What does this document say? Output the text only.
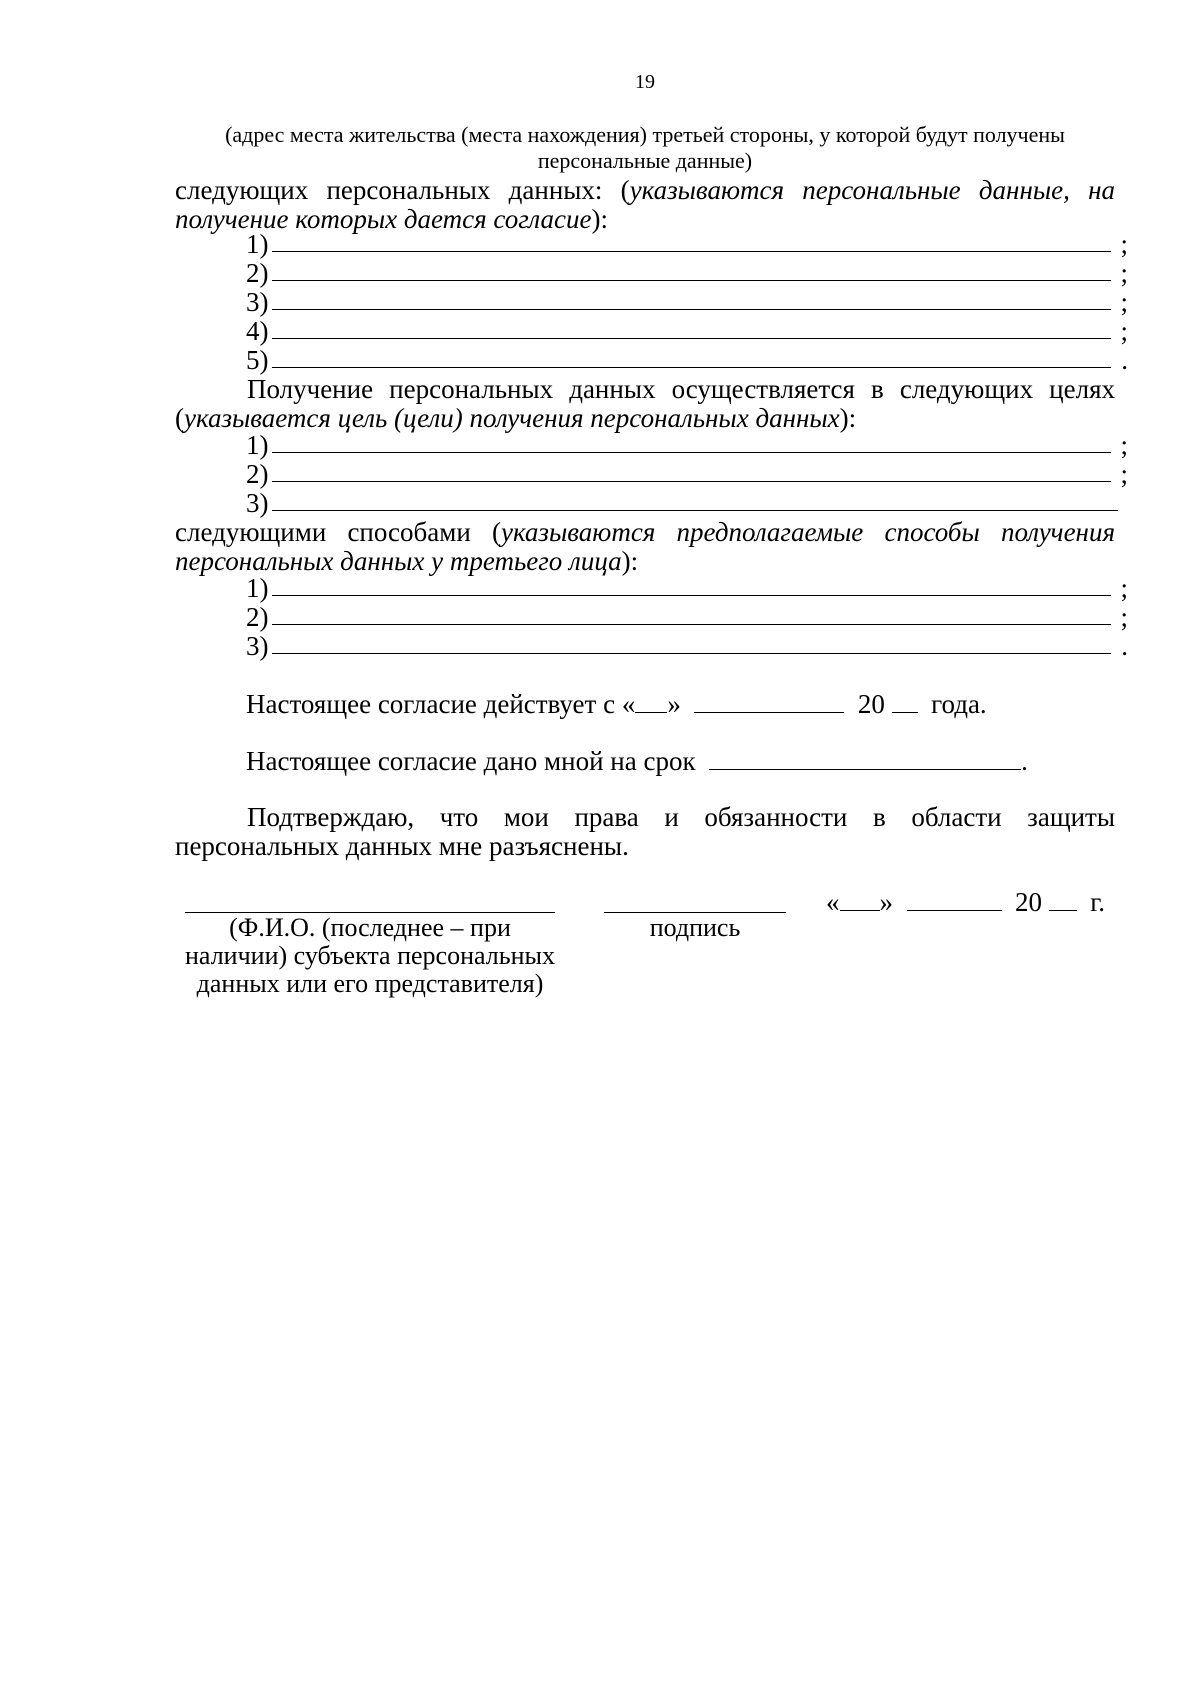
19
(адрес места жительства (места нахождения) третьей стороны, у которой будут получены персональные данные)
следующих персональных данных: (указываются персональные данные, на получение которых дается согласие):
1)	;
2)	;
3)	;
4)	;
5)	.
Получение персональных данных осуществляется в следующих целях (указывается цель (цели) получения персональных данных):
1)	;
2)	;
3)
следующими способами (указываются предполагаемые способы получения персональных данных у третьего лица):
1)	;
2)	;
3)	.
Настоящее согласие действует с « »	20 года.
Настоящее согласие дано мной на срок	.
Подтверждаю, что мои права и обязанности в области защиты персональных данных мне разъяснены.
« »	20 г.
(Ф.И.О. (последнее – при наличии) субъекта персональных данных или его представителя)
подпись
